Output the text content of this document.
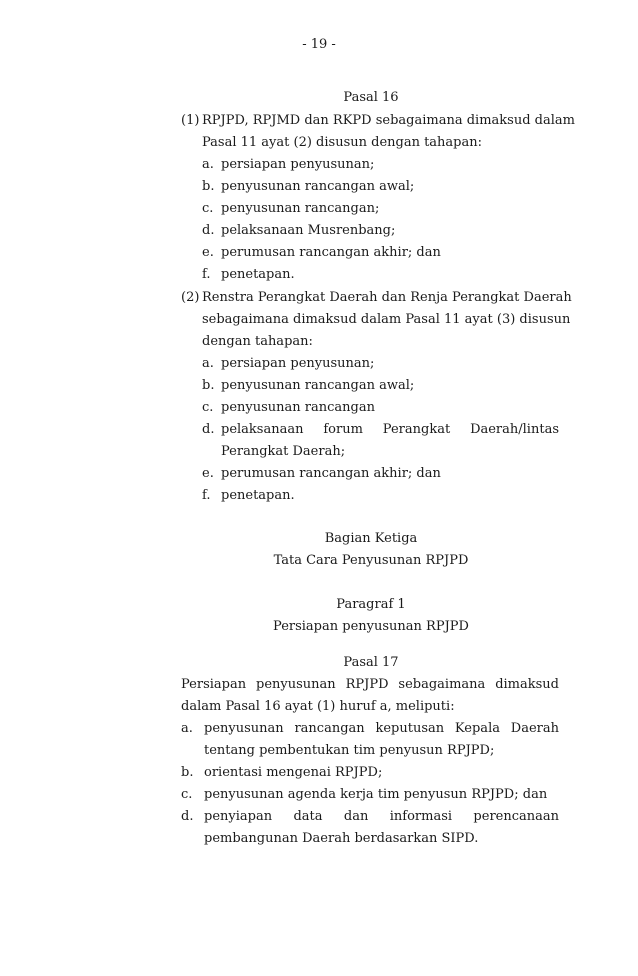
- 19 -
Pasal 16
(1) RPJPD, RPJMD dan RKPD sebagaimana dimaksud dalam
Pasal 11 ayat (2) disusun dengan tahapan:
a. persiapan penyusunan;
b. penyusunan rancangan awal;
c. penyusunan rancangan;
d. pelaksanaan Musrenbang;
e. perumusan rancangan akhir; dan
f. penetapan.
(2) Renstra Perangkat Daerah dan Renja Perangkat Daerah
sebagaimana dimaksud dalam Pasal 11 ayat (3) disusun
dengan tahapan:
a. persiapan penyusunan;
b. penyusunan rancangan awal;
c. penyusunan rancangan
d. pelaksanaan forum Perangkat Daerah/lintas
Perangkat Daerah;
e. perumusan rancangan akhir; dan
f. penetapan.
Bagian Ketiga
Tata Cara Penyusunan RPJPD
Paragraf 1
Persiapan penyusunan RPJPD
Pasal 17
Persiapan penyusunan RPJPD sebagaimana dimaksud
dalam Pasal 16 ayat (1) huruf a, meliputi:
a. penyusunan rancangan keputusan Kepala Daerah
tentang pembentukan tim penyusun RPJPD;
b. orientasi mengenai RPJPD;
c. penyusunan agenda kerja tim penyusun RPJPD; dan
d. penyiapan data dan informasi perencanaan
pembangunan Daerah berdasarkan SIPD.
